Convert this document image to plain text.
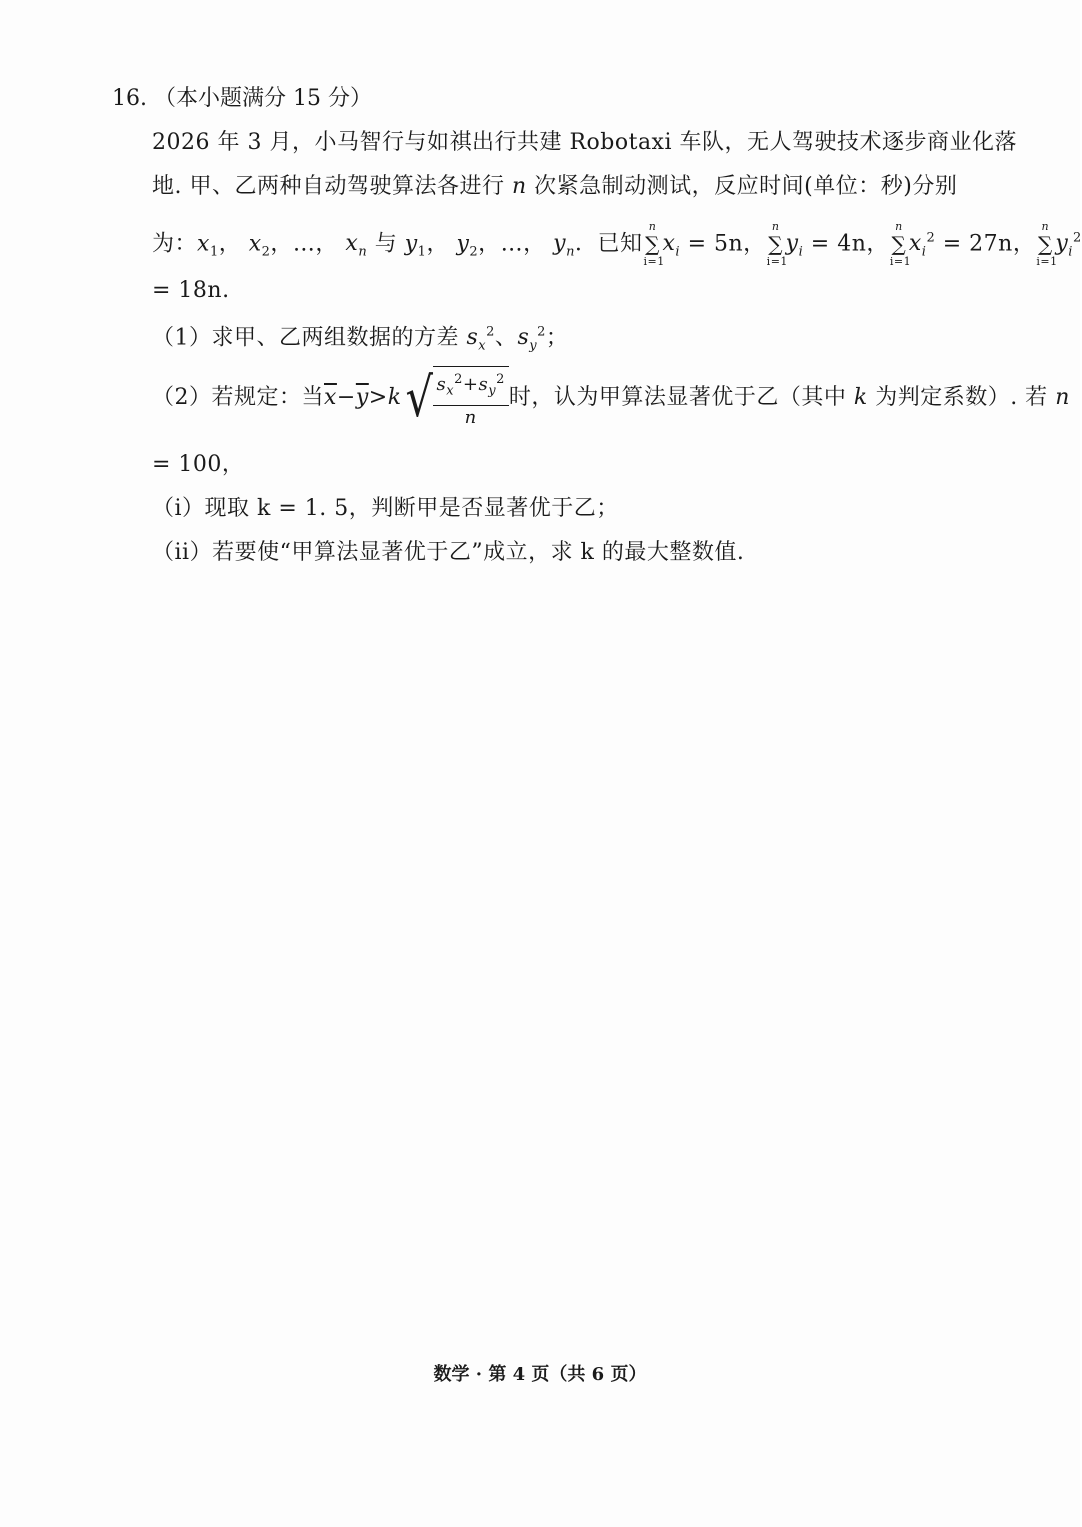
16. （本小题满分 15 分）
2026 年 3 月，小马智行与如祺出行共建 Robotaxi 车队，无人驾驶技术逐步商业化落
地. 甲、乙两种自动驾驶算法各进行 n 次紧急制动测试，反应时间(单位：秒)分别
为：$x_1$， $x_2$，…， $x_n$ 与 $y_1$， $y_2$，…， $y_n$．已知
n
∑
i=1
$x_i = 5n$，
n
∑
i=1
$y_i = 4n$，
n
∑
i=1
$x_i^2 = 27n$，
n
∑
i=1
$y_i^2$
= 18n.
（1）求甲、乙两组数据的方差 $s_x^2$、$s_y^2$；
（2）若规定：当$\overline{x}-\overline{y}>k√ \frac{s_x^2+s_y^2}{n}$ 时，认为甲算法显著优于乙（其中 k 为判定系数）. 若 n
= 100，
（i）现取 k = 1. 5，判断甲是否显著优于乙；
（ii）若要使“甲算法显著优于乙”成立，求 k 的最大整数值.
数学 · 第 4 页（共 6 页）
